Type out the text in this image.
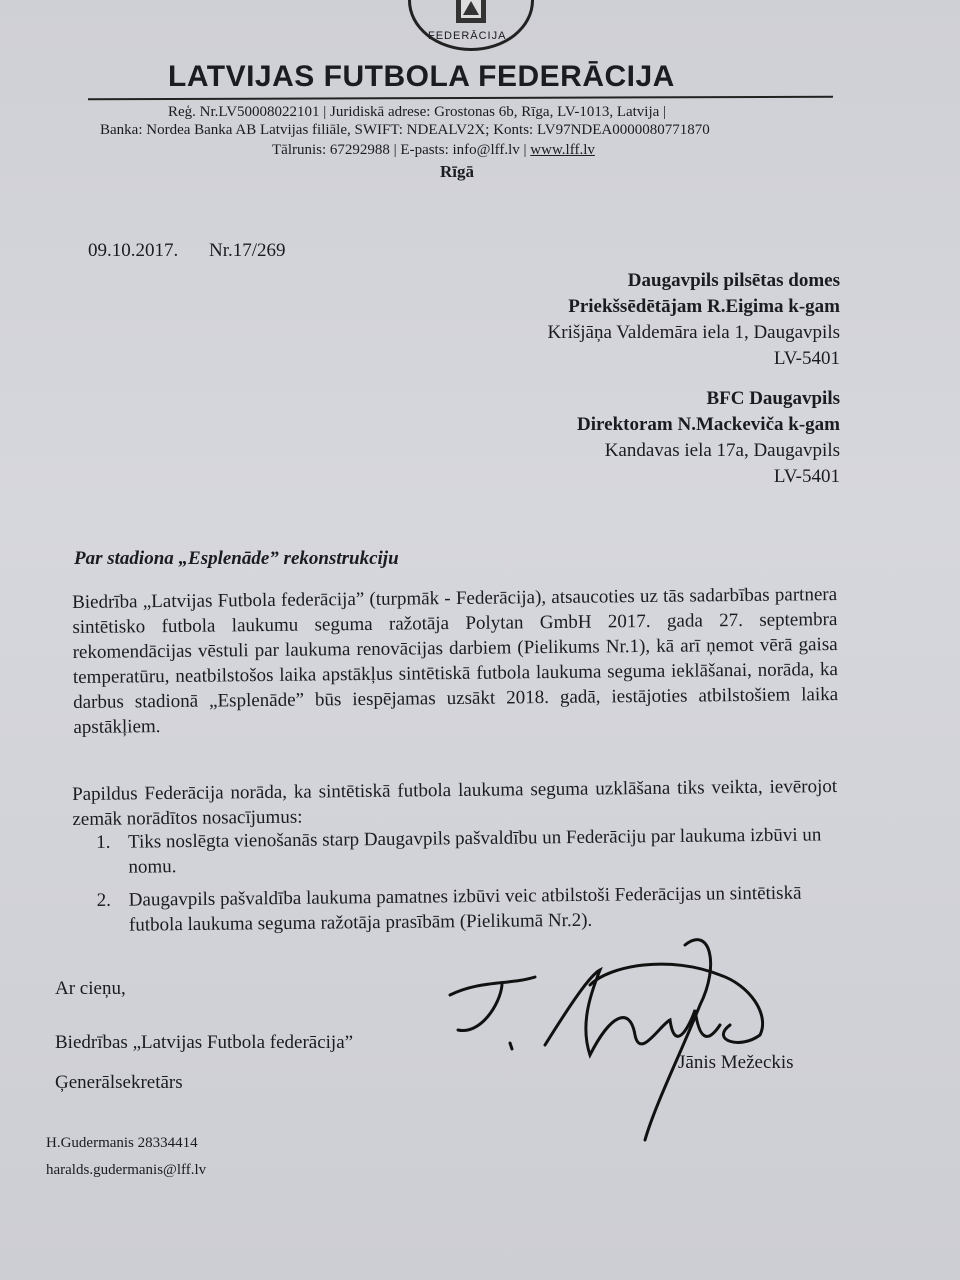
FEDERĀCIJA
LATVIJAS FUTBOLA FEDERĀCIJA
Reģ. Nr.LV50008022101 | Juridiskā adrese: Grostonas 6b, Rīga, LV-1013, Latvija |
Banka: Nordea Banka AB Latvijas filiāle, SWIFT: NDEALV2X; Konts: LV97NDEA0000080771870
Tālrunis: 67292988 | E-pasts: info@lff.lv | www.lff.lv
Rīgā
09.10.2017. Nr.17/269
Daugavpils pilsētas domes
Priekšsēdētājam R.Eigima k-gam
Krišjāņa Valdemāra iela 1, Daugavpils
LV-5401
BFC Daugavpils
Direktoram N.Mackeviča k-gam
Kandavas iela 17a, Daugavpils
LV-5401
Par stadiona „Esplenāde” rekonstrukciju
Biedrība „Latvijas Futbola federācija” (turpmāk - Federācija), atsaucoties uz tās sadarbības partnera sintētisko futbola laukumu seguma ražotāja Polytan GmbH 2017. gada 27. septembra rekomendācijas vēstuli par laukuma renovācijas darbiem (Pielikums Nr.1), kā arī ņemot vērā gaisa temperatūru, neatbilstošos laika apstākļus sintētiskā futbola laukuma seguma ieklāšanai, norāda, ka darbus stadionā „Esplenāde” būs iespējamas uzsākt 2018. gadā, iestājoties atbilstošiem laika apstākļiem.
Papildus Federācija norāda, ka sintētiskā futbola laukuma seguma uzklāšana tiks veikta, ievērojot zemāk norādītos nosacījumus:
1. Tiks noslēgta vienošanās starp Daugavpils pašvaldību un Federāciju par laukuma izbūvi un nomu.
2. Daugavpils pašvaldība laukuma pamatnes izbūvi veic atbilstoši Federācijas un sintētiskā futbola laukuma seguma ražotāja prasībām (Pielikumā Nr.2).
Ar cieņu,
Biedrības „Latvijas Futbola federācija”
Ģenerālsekretārs
Jānis Mežeckis
H.Gudermanis 28334414
haralds.gudermanis@lff.lv
